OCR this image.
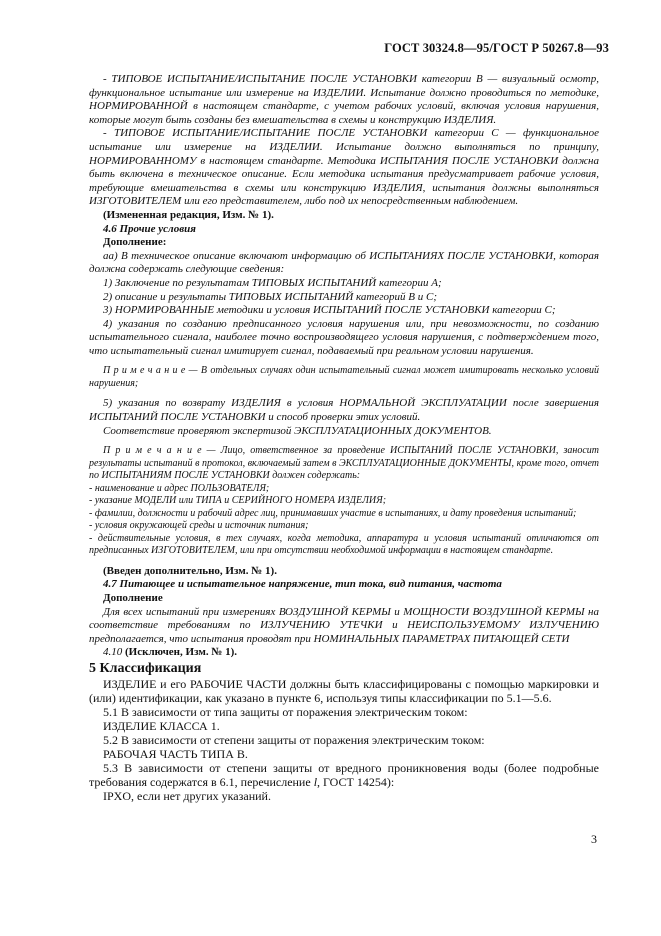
ГОСТ 30324.8—95/ГОСТ Р 50267.8—93

- ТИПОВОЕ ИСПЫТАНИЕ/ИСПЫТАНИЕ ПОСЛЕ УСТАНОВКИ категории В — визуальный осмотр, функциональное испытание или измерение на ИЗДЕЛИИ. Испытание должно проводиться по методике, НОРМИРОВАННОЙ в настоящем стандарте, с учетом рабочих условий, включая условия нарушения, которые могут быть созданы без вмешательства в схемы и конструкцию ИЗДЕЛИЯ.

- ТИПОВОЕ ИСПЫТАНИЕ/ИСПЫТАНИЕ ПОСЛЕ УСТАНОВКИ категории С — функциональное испытание или измерение на ИЗДЕЛИИ. Испытание должно выполняться по принципу, НОРМИРОВАННОМУ в настоящем стандарте. Методика ИСПЫТАНИЯ ПОСЛЕ УСТАНОВКИ должна быть включена в техническое описание. Если методика испытания предусматривает рабочие условия, требующие вмешательства в схемы или конструкцию ИЗДЕЛИЯ, испытания должны выполняться ИЗГОТОВИТЕЛЕМ или его представителем, либо под их непосредственным наблюдением.

(Измененная редакция, Изм. № 1).

4.6 Прочие условия

Дополнение:

аа) В техническое описание включают информацию об ИСПЫТАНИЯХ ПОСЛЕ УСТАНОВКИ, которая должна содержать следующие сведения:

1) Заключение по результатам ТИПОВЫХ ИСПЫТАНИЙ категории А;

2) описание и результаты ТИПОВЫХ ИСПЫТАНИЙ категорий В и С;

3) НОРМИРОВАННЫЕ методики и условия ИСПЫТАНИЙ ПОСЛЕ УСТАНОВКИ категории С;

4) указания по созданию предписанного условия нарушения или, при невозможности, по созданию испытательного сигнала, наиболее точно воспроизводящего условия нарушения, с подтверждением того, что испытательный сигнал имитирует сигнал, подаваемый при реальном условии нарушения.

П р и м е ч а н и е — В отдельных случаях один испытательный сигнал может имитировать несколько условий нарушения;

5) указания по возврату ИЗДЕЛИЯ в условия НОРМАЛЬНОЙ ЭКСПЛУАТАЦИИ после завершения ИСПЫТАНИЙ ПОСЛЕ УСТАНОВКИ и способ проверки этих условий.

Соответствие проверяют экспертизой ЭКСПЛУАТАЦИОННЫХ ДОКУМЕНТОВ.

П р и м е ч а н и е — Лицо, ответственное за проведение ИСПЫТАНИЙ ПОСЛЕ УСТАНОВКИ, заносит результаты испытаний в протокол, включаемый затем в ЭКСПЛУАТАЦИОННЫЕ ДОКУМЕНТЫ, кроме того, отчет по ИСПЫТАНИЯМ ПОСЛЕ УСТАНОВКИ должен содержать:

- наименование и адрес ПОЛЬЗОВАТЕЛЯ;

- указание МОДЕЛИ или ТИПА и СЕРИЙНОГО НОМЕРА ИЗДЕЛИЯ;

- фамилии, должности и рабочий адрес лиц, принимавших участие в испытаниях, и дату проведения испытаний;

- условия окружающей среды и источник питания;

- действительные условия, в тех случаях, когда методика, аппаратура и условия испытаний отличаются от предписанных ИЗГОТОВИТЕЛЕМ, или при отсутствии необходимой информации в настоящем стандарте.

(Введен дополнительно, Изм. № 1).

4.7 Питающее и испытательное напряжение, тип тока, вид питания, частота

Дополнение

Для всех испытаний при измерениях ВОЗДУШНОЙ КЕРМЫ и МОЩНОСТИ ВОЗДУШНОЙ КЕРМЫ на соответствие требованиям по ИЗЛУЧЕНИЮ УТЕЧКИ и НЕИСПОЛЬЗУЕМОМУ ИЗЛУЧЕНИЮ предполагается, что испытания проводят при НОМИНАЛЬНЫХ ПАРАМЕТРАХ ПИТАЮЩЕЙ СЕТИ

4.10 (Исключен, Изм. № 1).

5 Классификация

ИЗДЕЛИЕ и его РАБОЧИЕ ЧАСТИ должны быть классифицированы с помощью маркировки и (или) идентификации, как указано в пункте 6, используя типы классификации по 5.1—5.6.

5.1 В зависимости от типа защиты от поражения электрическим током:

ИЗДЕЛИЕ КЛАССА 1.

5.2 В зависимости от степени защиты от поражения электрическим током:

РАБОЧАЯ ЧАСТЬ ТИПА В.

5.3 В зависимости от степени защиты от вредного проникновения воды (более подробные требования содержатся в 6.1, перечисление l, ГОСТ 14254):

IPXO, если нет других указаний.

3
